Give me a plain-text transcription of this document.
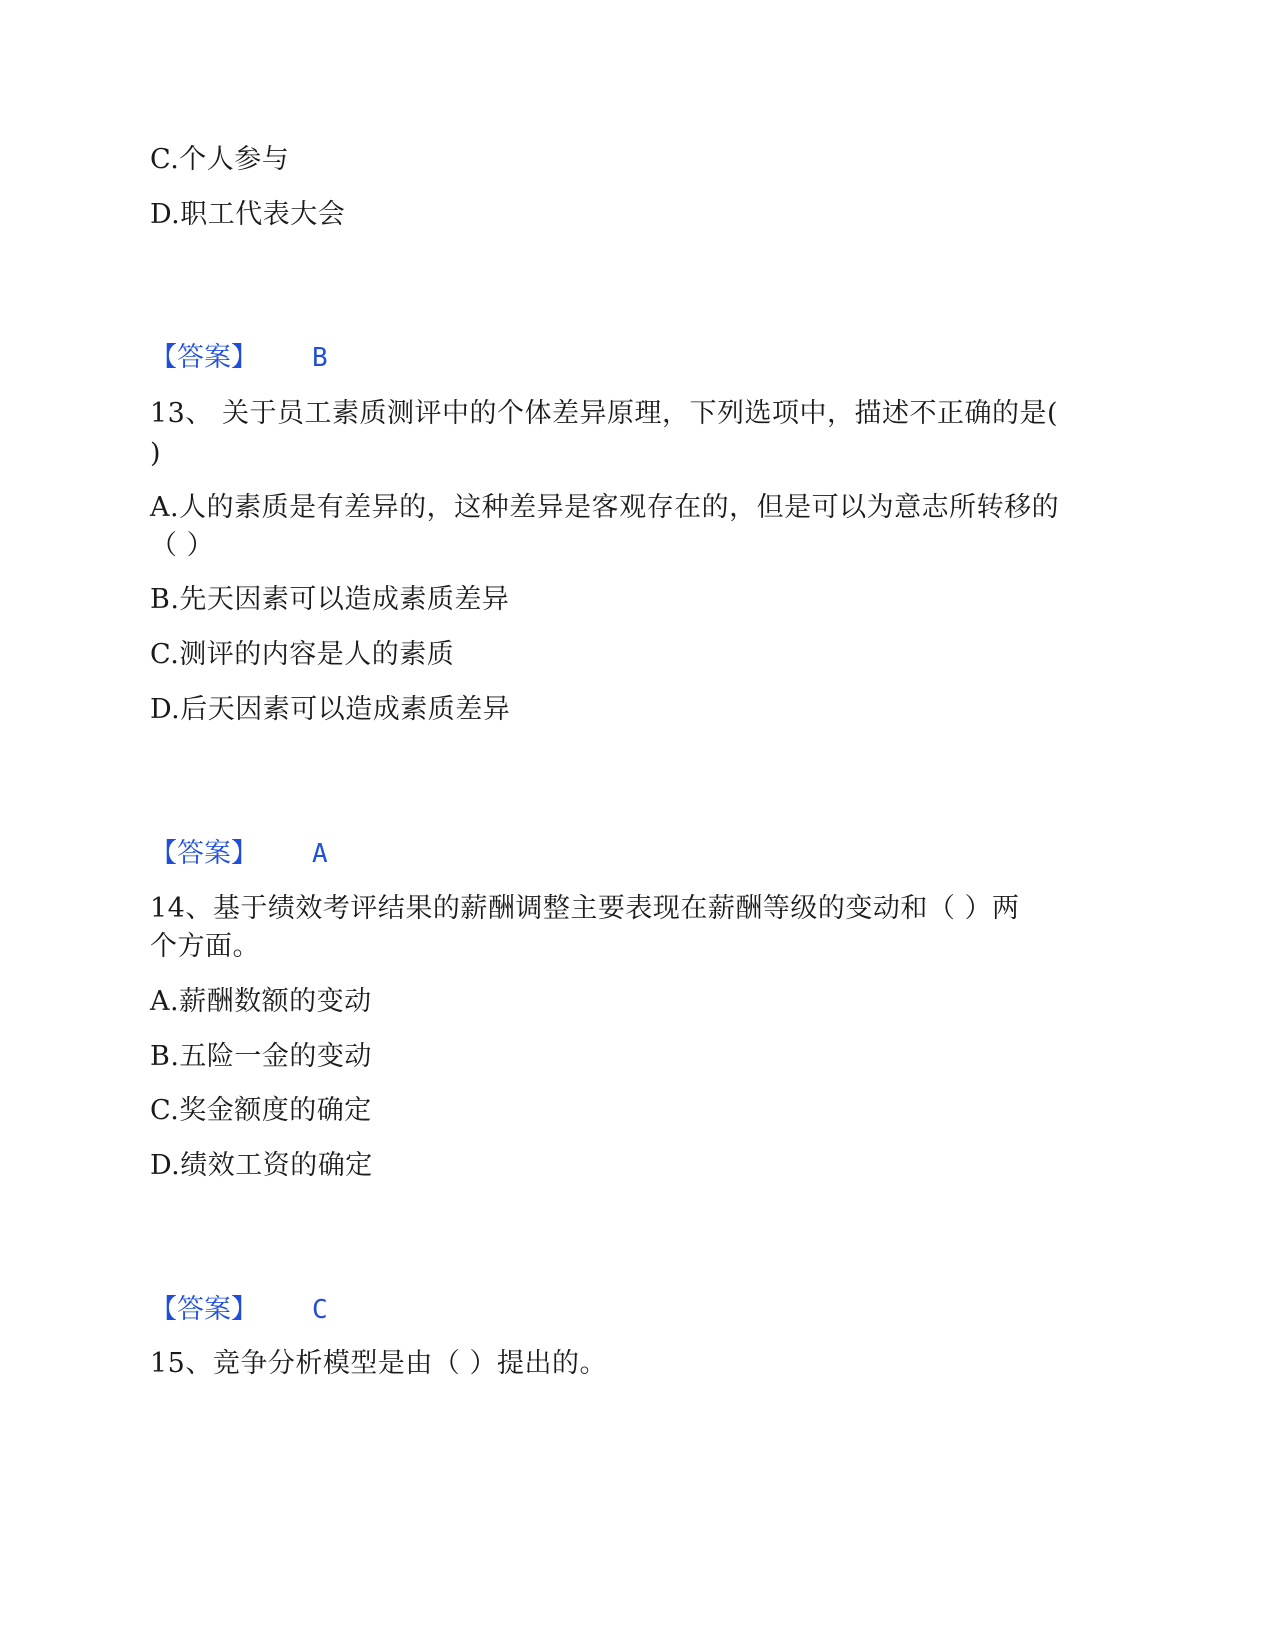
C.个人参与
D.职工代表大会
【答案】 B
13、 关于员工素质测评中的个体差异原理，下列选项中，描述不正确的是(
)
A.人的素质是有差异的，这种差异是客观存在的，但是可以为意志所转移的
（ ）
B.先天因素可以造成素质差异
C.测评的内容是人的素质
D.后天因素可以造成素质差异
【答案】 A
14、基于绩效考评结果的薪酬调整主要表现在薪酬等级的变动和（ ）两
个方面。
A.薪酬数额的变动
B.五险一金的变动
C.奖金额度的确定
D.绩效工资的确定
【答案】 C
15、竞争分析模型是由（ ）提出的。
